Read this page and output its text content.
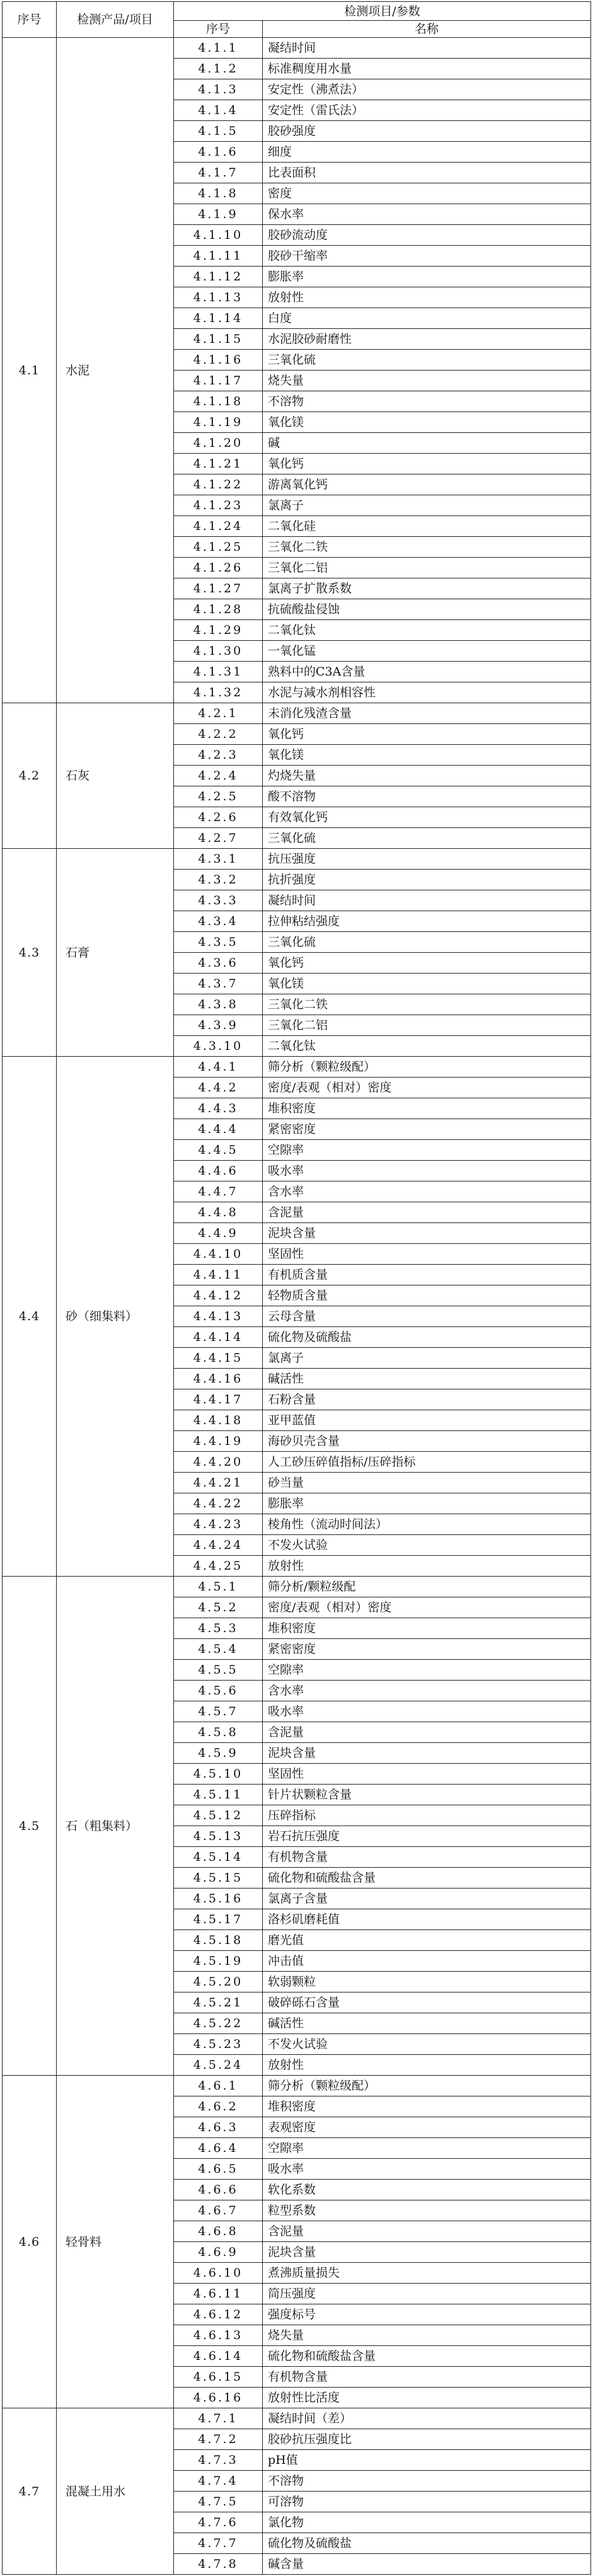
序号	检测产品/项目	检测项目/参数	
		序号	名称
4.1	水泥	4.1.1	凝结时间
		4.1.2	标准稠度用水量
		4.1.3	安定性（沸煮法）
		4.1.4	安定性（雷氏法）
		4.1.5	胶砂强度
		4.1.6	细度
		4.1.7	比表面积
		4.1.8	密度
		4.1.9	保水率
		4.1.10	胶砂流动度
		4.1.11	胶砂干缩率
		4.1.12	膨胀率
		4.1.13	放射性
		4.1.14	白度
		4.1.15	水泥胶砂耐磨性
		4.1.16	三氧化硫
		4.1.17	烧失量
		4.1.18	不溶物
		4.1.19	氧化镁
		4.1.20	碱
		4.1.21	氧化钙
		4.1.22	游离氧化钙
		4.1.23	氯离子
		4.1.24	二氧化硅
		4.1.25	三氧化二铁
		4.1.26	三氧化二铝
		4.1.27	氯离子扩散系数
		4.1.28	抗硫酸盐侵蚀
		4.1.29	二氧化钛
		4.1.30	一氧化锰
		4.1.31	熟料中的C3A含量
		4.1.32	水泥与减水剂相容性
4.2	石灰	4.2.1	未消化残渣含量
		4.2.2	氧化钙
		4.2.3	氧化镁
		4.2.4	灼烧失量
		4.2.5	酸不溶物
		4.2.6	有效氧化钙
		4.2.7	三氧化硫
4.3	石膏	4.3.1	抗压强度
		4.3.2	抗折强度
		4.3.3	凝结时间
		4.3.4	拉伸粘结强度
		4.3.5	三氧化硫
		4.3.6	氧化钙
		4.3.7	氧化镁
		4.3.8	三氧化二铁
		4.3.9	三氧化二铝
		4.3.10	二氧化钛
4.4	砂（细集料）	4.4.1	筛分析（颗粒级配）
		4.4.2	密度/表观（相对）密度
		4.4.3	堆积密度
		4.4.4	紧密密度
		4.4.5	空隙率
		4.4.6	吸水率
		4.4.7	含水率
		4.4.8	含泥量
		4.4.9	泥块含量
		4.4.10	坚固性
		4.4.11	有机质含量
		4.4.12	轻物质含量
		4.4.13	云母含量
		4.4.14	硫化物及硫酸盐
		4.4.15	氯离子
		4.4.16	碱活性
		4.4.17	石粉含量
		4.4.18	亚甲蓝值
		4.4.19	海砂贝壳含量
		4.4.20	人工砂压碎值指标/压碎指标
		4.4.21	砂当量
		4.4.22	膨胀率
		4.4.23	棱角性（流动时间法）
		4.4.24	不发火试验
		4.4.25	放射性
4.5	石（粗集料）	4.5.1	筛分析/颗粒级配
		4.5.2	密度/表观（相对）密度
		4.5.3	堆积密度
		4.5.4	紧密密度
		4.5.5	空隙率
		4.5.6	含水率
		4.5.7	吸水率
		4.5.8	含泥量
		4.5.9	泥块含量
		4.5.10	坚固性
		4.5.11	针片状颗粒含量
		4.5.12	压碎指标
		4.5.13	岩石抗压强度
		4.5.14	有机物含量
		4.5.15	硫化物和硫酸盐含量
		4.5.16	氯离子含量
		4.5.17	洛杉矶磨耗值
		4.5.18	磨光值
		4.5.19	冲击值
		4.5.20	软弱颗粒
		4.5.21	破碎砾石含量
		4.5.22	碱活性
		4.5.23	不发火试验
		4.5.24	放射性
4.6	轻骨料	4.6.1	筛分析（颗粒级配）
		4.6.2	堆积密度
		4.6.3	表观密度
		4.6.4	空隙率
		4.6.5	吸水率
		4.6.6	软化系数
		4.6.7	粒型系数
		4.6.8	含泥量
		4.6.9	泥块含量
		4.6.10	煮沸质量损失
		4.6.11	筒压强度
		4.6.12	强度标号
		4.6.13	烧失量
		4.6.14	硫化物和硫酸盐含量
		4.6.15	有机物含量
		4.6.16	放射性比活度
4.7	混凝土用水	4.7.1	凝结时间（差）
		4.7.2	胶砂抗压强度比
		4.7.3	pH值
		4.7.4	不溶物
		4.7.5	可溶物
		4.7.6	氯化物
		4.7.7	硫化物及硫酸盐
		4.7.8	碱含量
